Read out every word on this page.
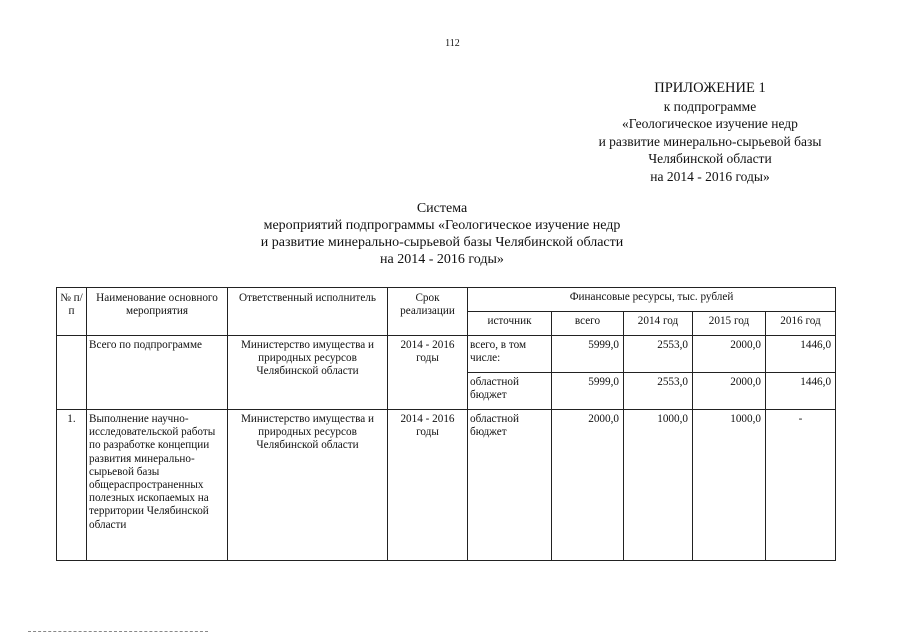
112
ПРИЛОЖЕНИЕ 1
к подпрограмме
«Геологическое изучение недр
и развитие минерально-сырьевой базы
Челябинской области
на 2014 - 2016 годы»
Система
мероприятий подпрограммы «Геологическое изучение недр
и развитие минерально-сырьевой базы Челябинской области
на 2014 - 2016 годы»
№ п/п	Наименование основного мероприятия	Ответственный исполнитель	Срок реализации	Финансовые ресурсы, тыс. рублей				
				источник	всего	2014 год	2015 год	2016 год
	Всего по подпрограмме	Министерство имущества и природных ресурсов Челябинской области	2014 - 2016 годы	всего, в том числе:	5999,0	2553,0	2000,0	1446,0
				областной бюджет	5999,0	2553,0	2000,0	1446,0
1.	Выполнение научно-исследовательской работы по разработке концепции развития минерально-сырьевой базы общераспространенных полезных ископаемых на территории Челябинской области	Министерство имущества и природных ресурсов Челябинской области	2014 - 2016 годы	областной бюджет	2000,0	1000,0	1000,0	-
